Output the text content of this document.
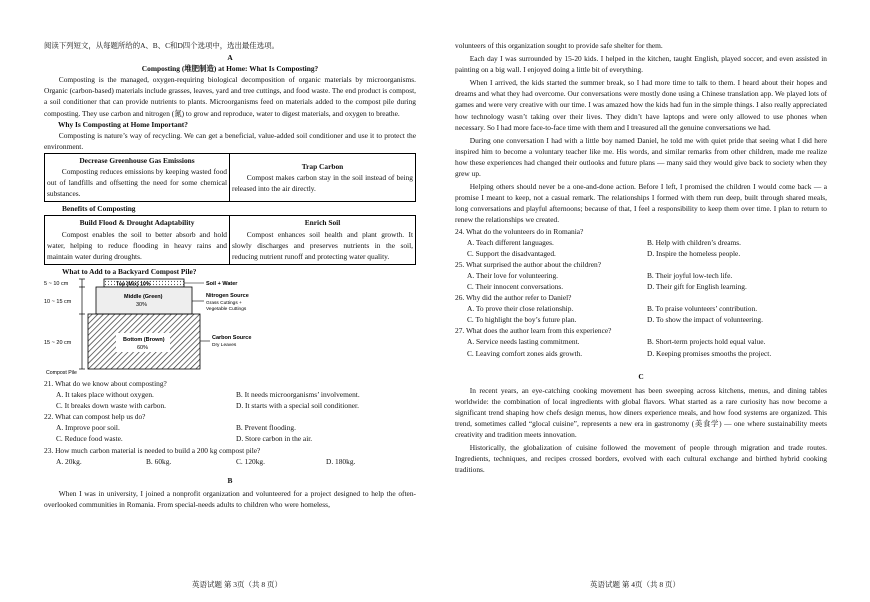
阅读下列短文，从每题所给的A、B、C和D四个选项中，选出最佳选项。

A

Composting (堆肥制造) at Home: What Is Composting?

Composting is the managed, oxygen-requiring biological decomposition of organic materials by microorganisms. Organic (carbon-based) materials include grasses, leaves, yard and tree cuttings, and food waste. The end product is compost, a soil conditioner that can provide nutrients to plants. Microorganisms feed on materials added to the compost pile during composting. They use carbon and nitrogen (氮) to grow and reproduce, water to digest materials, and oxygen to breathe.

Why Is Composting at Home Important?

Composting is nature’s way of recycling. We can get a beneficial, value-added soil conditioner and use it to protect the environment.

Decrease Greenhouse Gas Emissions

Composting reduces emissions by keeping wasted food out of landfills and offsetting the need for some chemical substances.

Trap Carbon

Compost makes carbon stay in the soil instead of being released into the air directly.

Benefits of Composting

Build Flood & Drought Adaptability

Compost enables the soil to better absorb and hold water, helping to reduce flooding in heavy rains and maintain water during droughts.

Enrich Soil

Compost enhances soil health and plant growth. It slowly discharges and preserves nutrients in the soil, reducing nutrient runoff and protecting water quality.

What to Add to a Backyard Compost Pile?

5 ~ 10 cm
10 ~ 15 cm
15 ~ 20 cm
Top (Mix) 10%
Middle (Green)
30%
Bottom (Brown)
60%
Soil + Water
Nitrogen Source
Grass Cuttings +
Vegetable Cuttings
Carbon Source
Dry Leaves
Compost Pile

21. What do we know about composting?

A. It takes place without oxygen.	B. It needs microorganisms’ involvement.
C. It breaks down waste with carbon.	D. It starts with a special soil conditioner.

22. What can compost help us do?

A. Improve poor soil.	B. Prevent flooding.
C. Reduce food waste.	D. Store carbon in the air.

23. How much carbon material is needed to build a 200 kg compost pile?

A. 20kg.	B. 60kg.	C. 120kg.	D. 180kg.

B

When I was in university, I joined a nonprofit organization and volunteered for a project designed to help the often-overlooked communities in Romania. From special-needs adults to children who were homeless,

英语试题 第 3页（共 8 页）

volunteers of this organization sought to provide safe shelter for them.

Each day I was surrounded by 15-20 kids. I helped in the kitchen, taught English, played soccer, and even assisted in painting on a big wall. I enjoyed doing a little bit of everything.

When I arrived, the kids started the summer break, so I had more time to talk to them. I heard about their hopes and dreams and what they had overcome. Our conversations were mostly done using a Chinese translation app. We played lots of games and were very creative with our time. I was amazed how the kids had fun in the simple things. I also really appreciated how technology wasn’t taking over their lives. They didn’t have laptops and were only allowed to use phones when necessary. So I had more face-to-face time with them and I treasured all the genuine conversations we had.

During one conversation I had with a little boy named Daniel, he told me with quiet pride that seeing what I did here inspired him to become a voluntary teacher like me. His words, and similar remarks from other children, made me realize how these experiences had changed their outlooks and future plans — many said they would give back to society when they grew up.

Helping others should never be a one-and-done action. Before I left, I promised the children I would come back — a promise I meant to keep, not a casual remark. The relationships I formed with them run deep, built through shared meals, long conversations and playful afternoons; because of that, I feel a responsibility to keep them over time. I plan to return to renew the relationships we created.

24. What do the volunteers do in Romania?

A. Teach different languages.	B. Help with children’s dreams.
C. Support the disadvantaged.	D. Inspire the homeless people.

25. What surprised the author about the children?

A. Their love for volunteering.	B. Their joyful low-tech life.
C. Their innocent conversations.	D. Their gift for English learning.

26. Why did the author refer to Daniel?

A. To prove their close relationship.	B. To praise volunteers’ contribution.
C. To highlight the boy’s future plan.	D. To show the impact of volunteering.

27. What does the author learn from this experience?

A. Service needs lasting commitment.	B. Short-term projects hold equal value.
C. Leaving comfort zones aids growth.	D. Keeping promises smooths the project.

C

In recent years, an eye-catching cooking movement has been sweeping across kitchens, menus, and dining tables worldwide: the combination of local ingredients with global flavors. What started as a rare curiosity has now become a significant trend shaping how chefs design menus, how diners experience meals, and how food systems are organized. This trend, sometimes called “glocal cuisine”, represents a new era in gastronomy (美食学) — one where sustainability meets creativity and tradition meets innovation.

Historically, the globalization of cuisine followed the movement of people through migration and trade routes. Ingredients, techniques, and recipes crossed borders, evolved with each cultural exchange and birthed hybrid cooking traditions.

英语试题 第 4页（共 8 页）
